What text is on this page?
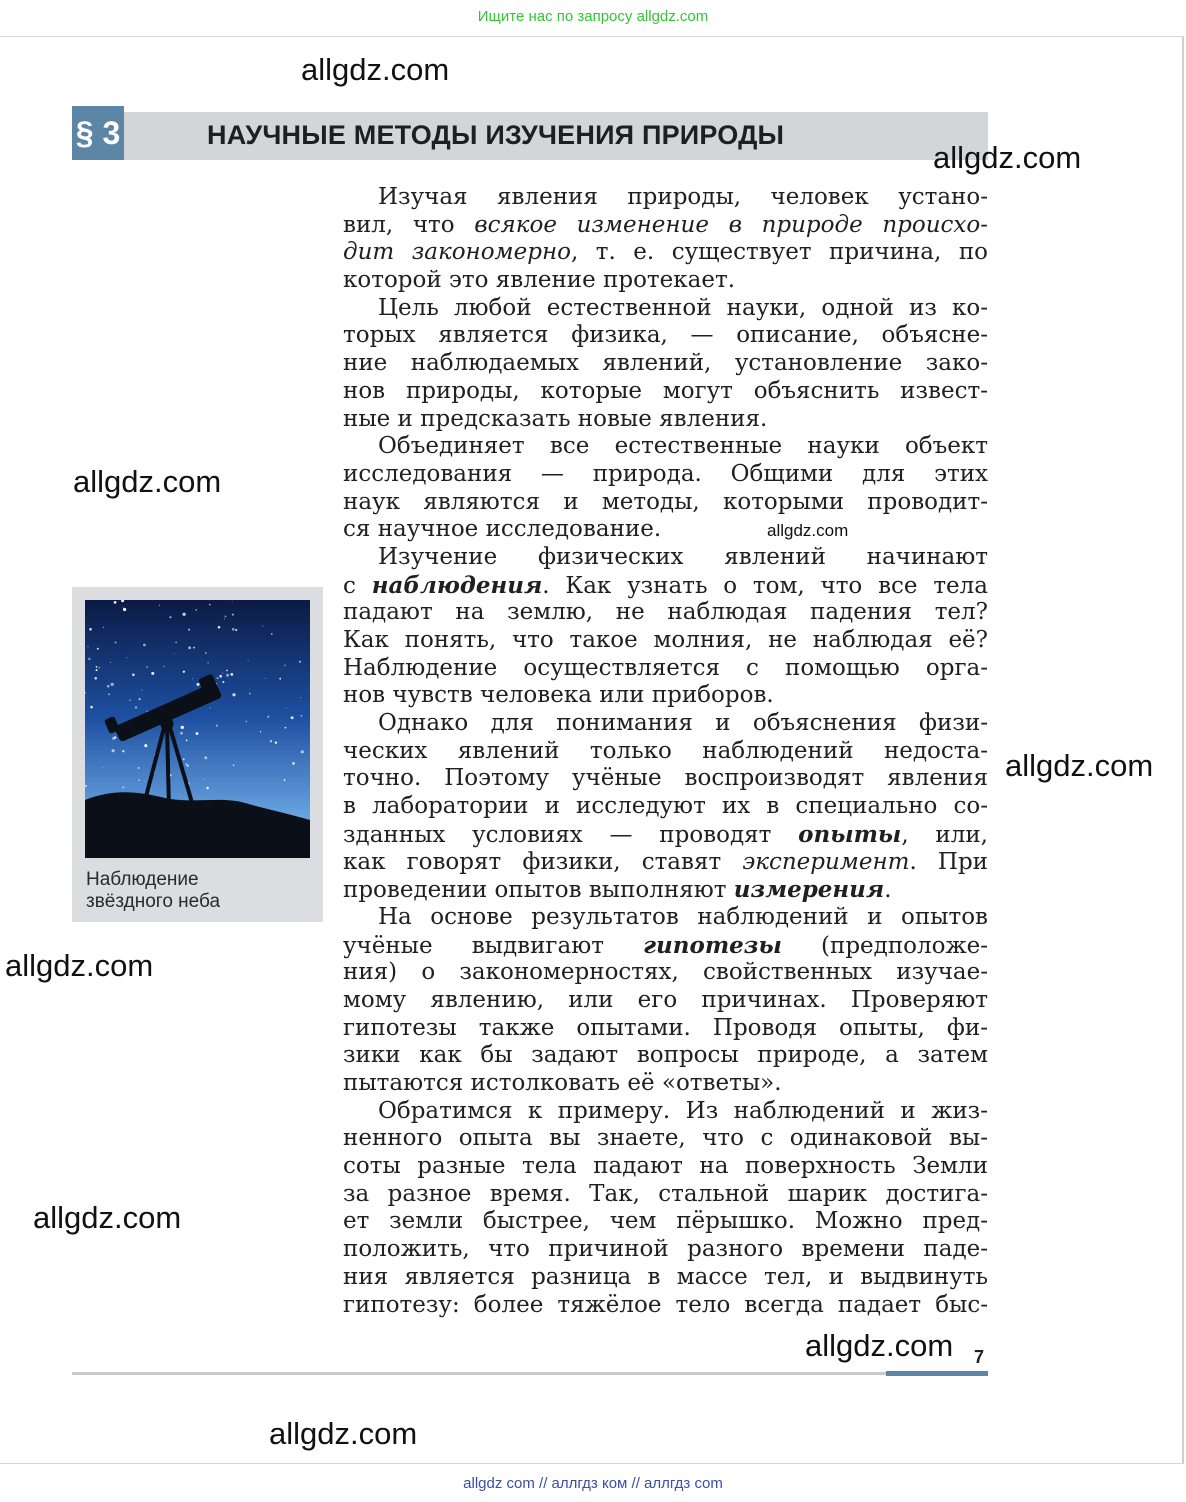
Ищите нас по запросу allgdz.com
§ 3	НАУЧНЫЕ МЕТОДЫ ИЗУЧЕНИЯ ПРИРОДЫ
Изучая явления природы, человек устано-
вил, что всякое изменение в природе происхо-
дит закономерно, т. е. существует причина, по
которой это явление протекает.
Цель любой естественной науки, одной из ко-
торых является физика, — описание, объясне-
ние наблюдаемых явлений, установление зако-
нов природы, которые могут объяснить извест-
ные и предсказать новые явления.
Объединяет все естественные науки объект
исследования — природа. Общими для этих
наук являются и методы, которыми проводит-
ся научное исследование.
Изучение физических явлений начинают
с наблюдения. Как узнать о том, что все тела
падают на землю, не наблюдая падения тел?
Как понять, что такое молния, не наблюдая её?
Наблюдение осуществляется с помощью орга-
нов чувств человека или приборов.
Однако для понимания и объяснения физи-
ческих явлений только наблюдений недоста-
точно. Поэтому учёные воспроизводят явления
в лаборатории и исследуют их в специально со-
зданных условиях — проводят опыты, или,
как говорят физики, ставят эксперимент. При
проведении опытов выполняют измерения.
На основе результатов наблюдений и опытов
учёные выдвигают гипотезы (предположе-
ния) о закономерностях, свойственных изучае-
мому явлению, или его причинах. Проверяют
гипотезы также опытами. Проводя опыты, фи-
зики как бы задают вопросы природе, а затем
пытаются истолковать её «ответы».
Обратимся к примеру. Из наблюдений и жиз-
ненного опыта вы знаете, что с одинаковой вы-
соты разные тела падают на поверхность Земли
за разное время. Так, стальной шарик достига-
ет земли быстрее, чем пёрышко. Можно пред-
положить, что причиной разного времени паде-
ния является разница в массе тел, и выдвинуть
гипотезу: более тяжёлое тело всегда падает быс-
Наблюдение
звёздного неба
7
allgdz.com
allgdz.com
allgdz.com
allgdz.com
allgdz.com
allgdz.com
allgdz.com
allgdz.com
allgdz.com
allgdz com // аллгдз ком // аллгдз com
